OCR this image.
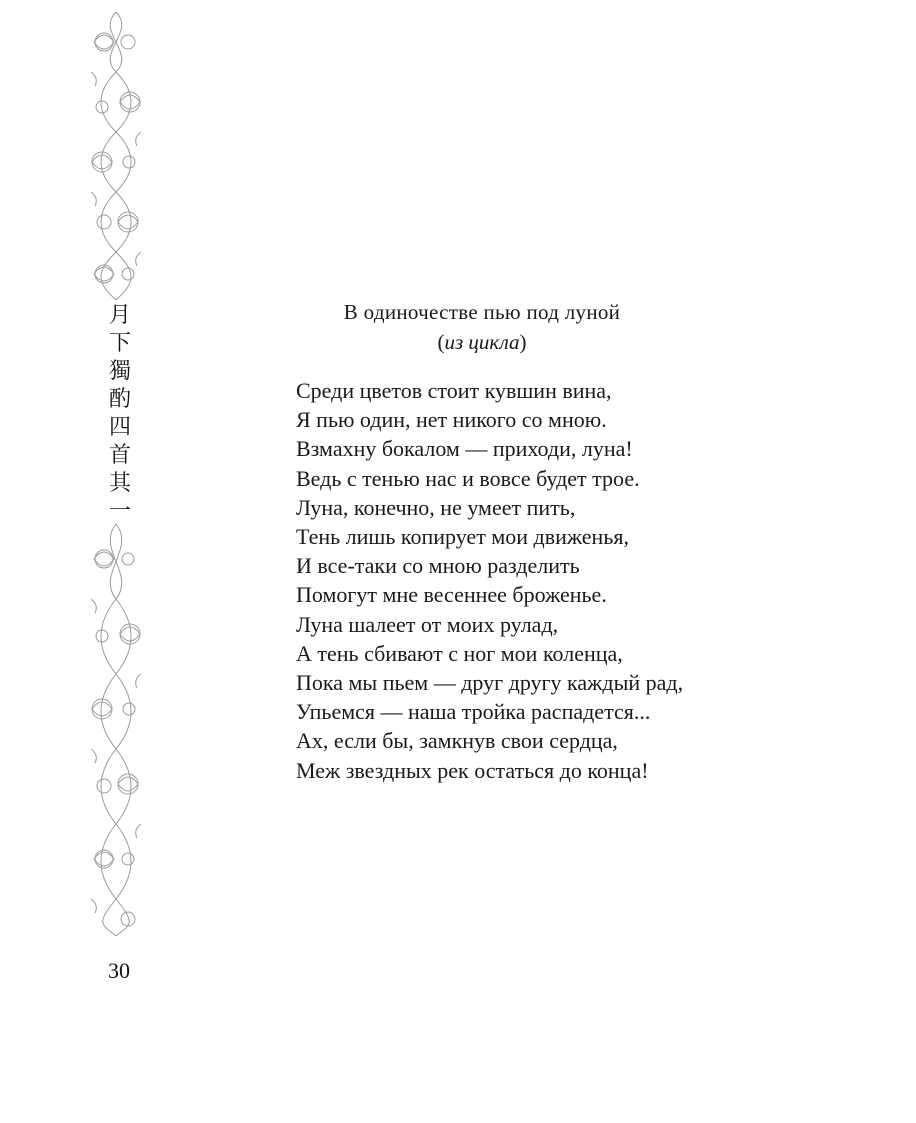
月
下
獨
酌
四
首
其
一
30
В одиночестве пью под луной
(из цикла)
Среди цветов стоит кувшин вина,
Я пью один, нет никого со мною.
Взмахну бокалом — приходи, луна!
Ведь с тенью нас и вовсе будет трое.
Луна, конечно, не умеет пить,
Тень лишь копирует мои движенья,
И все-таки со мною разделить
Помогут мне весеннее броженье.
Луна шалеет от моих рулад,
А тень сбивают с ног мои коленца,
Пока мы пьем — друг другу каждый рад,
Упьемся — наша тройка распадется...
Ах, если бы, замкнув свои сердца,
Меж звездных рек остаться до конца!
